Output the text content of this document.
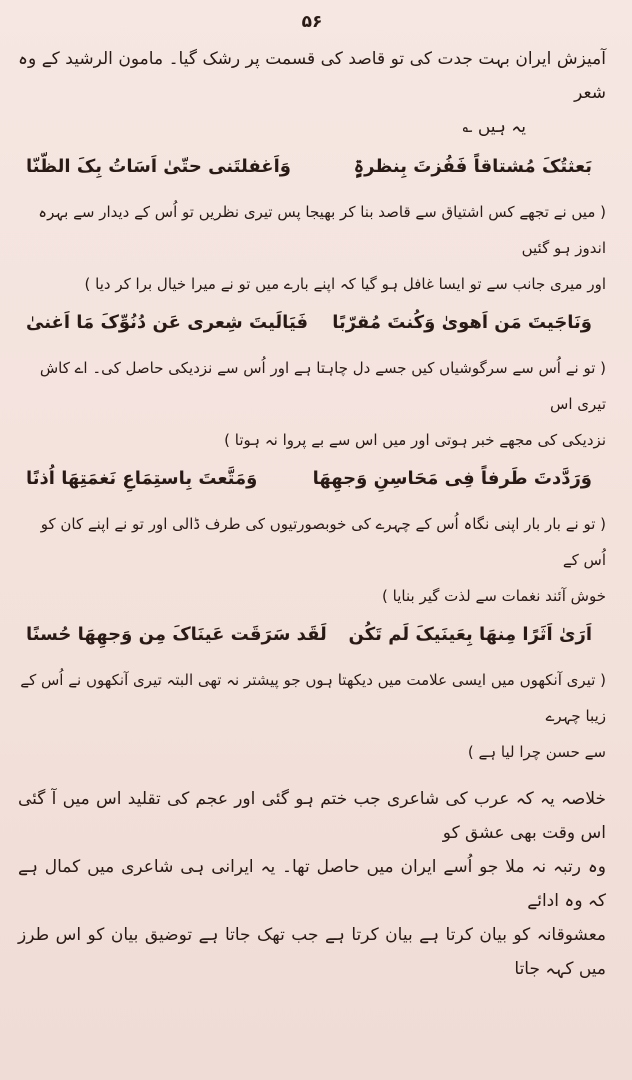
۵۶

آمیزش ایران بہت جدت کی تو قاصد کی قسمت پر رشک گیا۔ مامون الرشید کے وہ شعر

یہ ہیں ؎

بَعثتُکَ مُشتاقاً فَفُزتَ بِنظرۃٍ
وَاَغفلتَنی حتّیٰ اَسَاتُ بِکَ الظّنّا

( میں نے تجھے کس اشتیاق سے قاصد بنا کر بھیجا پس تیری نظریں تو اُس کے دیدار سے بہرہ اندوز ہو گئیں
اور میری جانب سے تو ایسا غافل ہو گیا کہ اپنے بارے میں تو نے میرا خیال برا کر دیا )

وَنَاجَیتَ مَن اَھویٰ وَکُنتَ مُقرّبًا
فَیَالَیتَ شِعری عَن دُنُوِّکَ مَا اَغنیٰ

( تو نے اُس سے سرگوشیاں کیں جسے دل چاہتا ہے اور اُس سے نزدیکی حاصل کی۔ اے کاش تیری اس
نزدیکی کی مجھے خبر ہوتی اور میں اس سے بے پروا نہ ہوتا )

وَرَدَّدتَ طَرفاً فِی مَحَاسِنِ وَجھِھَا
وَمَتَّعتَ بِاستِمَاعِ نَغمَتِھَا اُذنًا

( تو نے بار بار اپنی نگاہ اُس کے چہرے کی خوبصورتیوں کی طرف ڈالی اور تو نے اپنے کان کو اُس کے
خوش آئند نغمات سے لذت گیر بنایا )

اَرَیٰ اَثَرًا مِنھَا بِعَینَیکَ لَم تَکُن
لَقَد سَرَقَت عَینَاکَ مِن وَجھِھَا حُسنًا

( تیری آنکھوں میں ایسی علامت میں دیکھتا ہوں جو پیشتر نہ تھی البتہ تیری آنکھوں نے اُس کے زیبا چہرے
سے حسن چرا لیا ہے )

خلاصہ یہ کہ عرب کی شاعری جب ختم ہو گئی اور عجم کی تقلید اس میں آ گئی اس وقت بھی عشق کو

وہ رتبہ نہ ملا جو اُسے ایران میں حاصل تھا۔ یہ ایرانی ہی شاعری میں کمال ہے کہ وہ ادائے

معشوقانہ کو بیان کرتا ہے بیان کرتا ہے جب تھک جاتا ہے توضیق بیان کو اس طرز میں کہہ جاتا
